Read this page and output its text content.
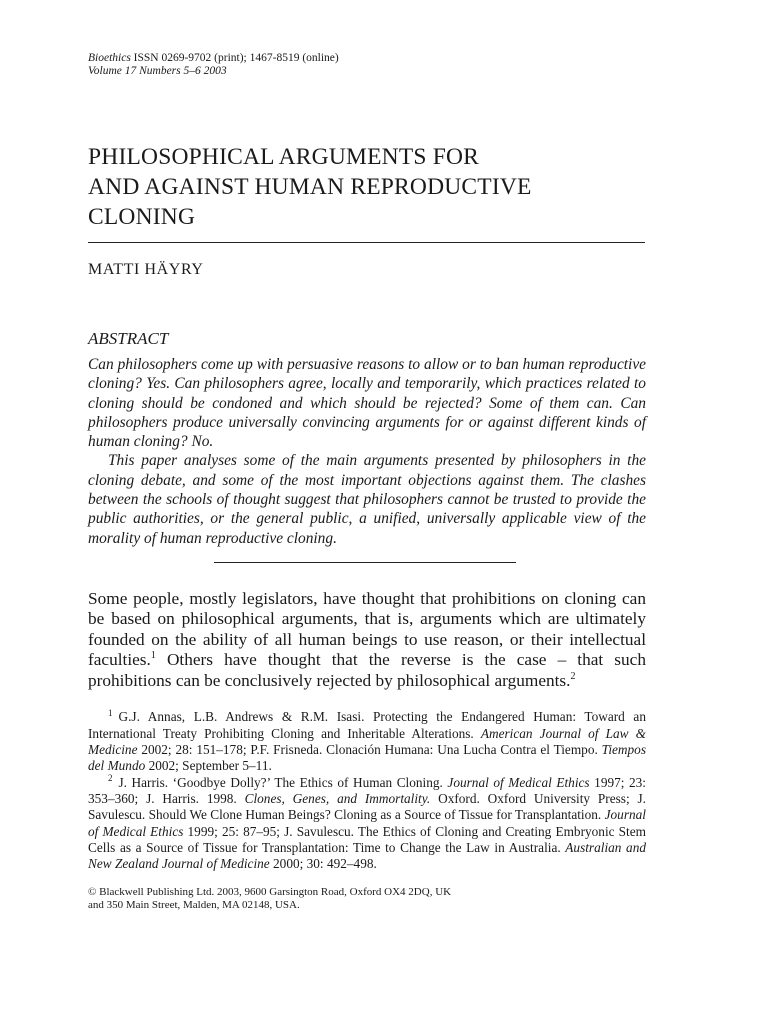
Bioethics ISSN 0269-9702 (print); 1467-8519 (online)
Volume 17 Numbers 5–6 2003
PHILOSOPHICAL ARGUMENTS FOR
AND AGAINST HUMAN REPRODUCTIVE
CLONING
MATTI HÄYRY
ABSTRACT

Can philosophers come up with persuasive reasons to allow or to ban human reproductive cloning? Yes. Can philosophers agree, locally and temporarily, which practices related to cloning should be condoned and which should be rejected? Some of them can. Can philosophers produce universally convincing arguments for or against different kinds of human cloning? No.

This paper analyses some of the main arguments presented by philosophers in the cloning debate, and some of the most important objections against them. The clashes between the schools of thought suggest that philosophers cannot be trusted to provide the public authorities, or the general public, a unified, universally applicable view of the morality of human reproductive cloning.

Some people, mostly legislators, have thought that prohibitions on cloning can be based on philosophical arguments, that is, arguments which are ultimately founded on the ability of all human beings to use reason, or their intellectual faculties.$^1$ Others have thought that the reverse is the case – that such prohibitions can be conclusively rejected by philosophical arguments.$^2$

$^1$ G.J. Annas, L.B. Andrews & R.M. Isasi. Protecting the Endangered Human: Toward an International Treaty Prohibiting Cloning and Inheritable Alterations. American Journal of Law & Medicine 2002; 28: 151–178; P.F. Frisneda. Clonación Humana: Una Lucha Contra el Tiempo. Tiempos del Mundo 2002; September 5–11.

$^2$ J. Harris. ‘Goodbye Dolly?’ The Ethics of Human Cloning. Journal of Medical Ethics 1997; 23: 353–360; J. Harris. 1998. Clones, Genes, and Immortality. Oxford. Oxford University Press; J. Savulescu. Should We Clone Human Beings? Cloning as a Source of Tissue for Transplantation. Journal of Medical Ethics 1999; 25: 87–95; J. Savulescu. The Ethics of Cloning and Creating Embryonic Stem Cells as a Source of Tissue for Transplantation: Time to Change the Law in Australia. Australian and New Zealand Journal of Medicine 2000; 30: 492–498.

© Blackwell Publishing Ltd. 2003, 9600 Garsington Road, Oxford OX4 2DQ, UK
and 350 Main Street, Malden, MA 02148, USA.
